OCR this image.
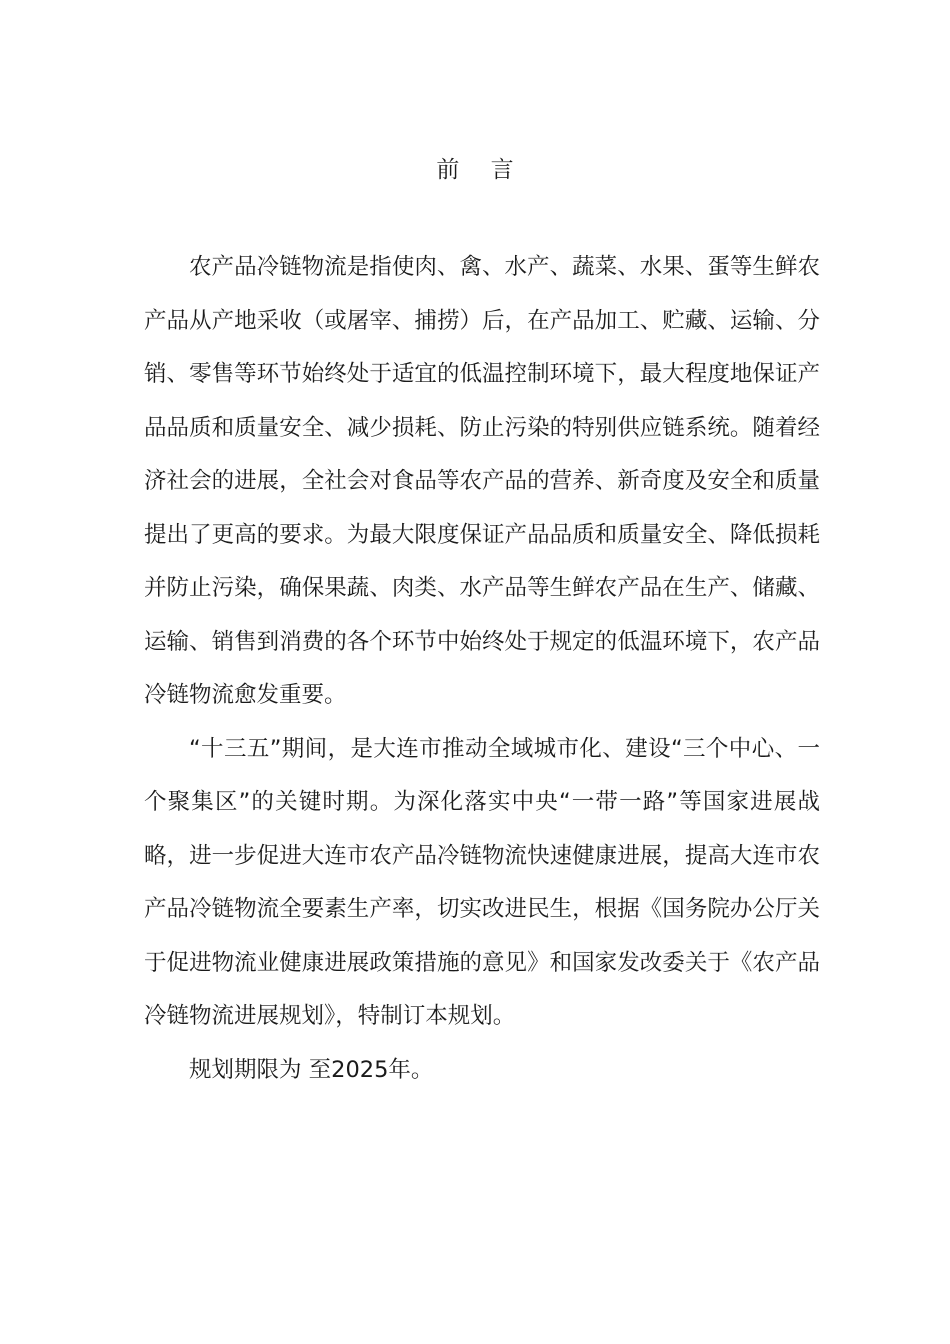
前 言

农产品冷链物流是指使肉、禽、水产、蔬菜、水果、蛋等生鲜农产品从产地采收（或屠宰、捕捞）后，在产品加工、贮藏、运输、分销、零售等环节始终处于适宜的低温控制环境下，最大程度地保证产品品质和质量安全、减少损耗、防止污染的特别供应链系统。随着经济社会的进展，全社会对食品等农产品的营养、新奇度及安全和质量提出了更高的要求。为最大限度保证产品品质和质量安全、降低损耗并防止污染，确保果蔬、肉类、水产品等生鲜农产品在生产、储藏、运输、销售到消费的各个环节中始终处于规定的低温环境下，农产品冷链物流愈发重要。

“十三五”期间，是大连市推动全域城市化、建设“三个中心、一个聚集区”的关键时期。为深化落实中央“一带一路”等国家进展战略，进一步促进大连市农产品冷链物流快速健康进展，提高大连市农产品冷链物流全要素生产率，切实改进民生，根据《国务院办公厅关于促进物流业健康进展政策措施的意见》和国家发改委关于《农产品冷链物流进展规划》，特制订本规划。

规划期限为 至2025年。
